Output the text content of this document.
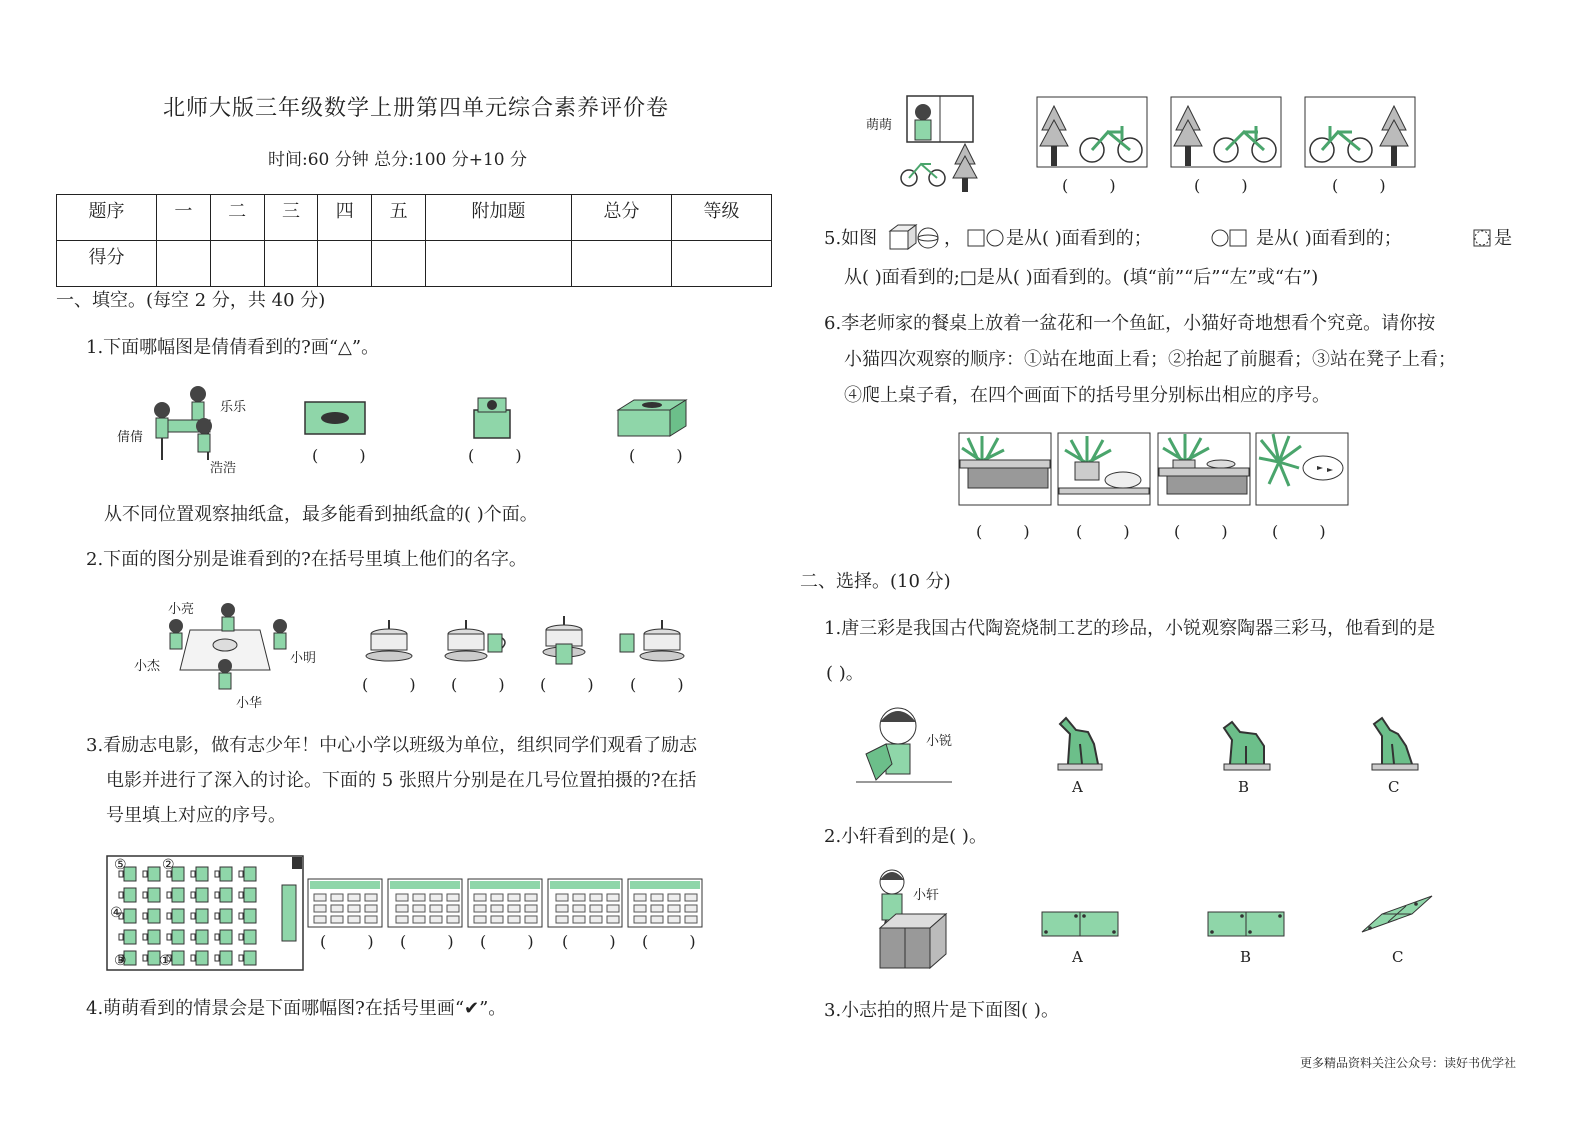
北师大版三年级数学上册第四单元综合素养评价卷
时间:60 分钟 总分:100 分+10 分
题序	一	二	三	四	五	附加题	总分	等级
得分								
一、填空。(每空 2 分，共 40 分)
1.下面哪幅图是倩倩看到的?画“△”。
倩倩
乐乐
浩浩
( )	( )	( )
从不同位置观察抽纸盒，最多能看到抽纸盒的( )个面。
2.下面的图分别是谁看到的?在括号里填上他们的名字。
小亮
小杰
小明
小华
( ) ( ) ( ) ( )
3.看励志电影，做有志少年！中心小学以班级为单位，组织同学们观看了励志
电影并进行了深入的讨论。下面的 5 张照片分别是在几号位置拍摄的?在括
号里填上对应的序号。
⑤	②
④
③ ①
( ) ( ) ( ) ( ) ( )
4.萌萌看到的情景会是下面哪幅图?在括号里画“✔”。
萌萌
( )	( )	( )
5.如图	， 是从( )面看到的；	是从( )面看到的；	是
从( )面看到的;□是从( )面看到的。(填“前”“后”“左”或“右”)
6.李老师家的餐桌上放着一盆花和一个鱼缸，小猫好奇地想看个究竟。请你按
小猫四次观察的顺序：①站在地面上看；②抬起了前腿看；③站在凳子上看；
④爬上桌子看，在四个画面下的括号里分别标出相应的序号。
( ) ( ) ( ) ( )
二、选择。(10 分)
1.唐三彩是我国古代陶瓷烧制工艺的珍品，小锐观察陶器三彩马，他看到的是
( )。
小锐
A	B	C
2.小轩看到的是( )。
小轩
A	B	C
3.小志拍的照片是下面图( )。
更多精品资料关注公众号：读好书优学社
